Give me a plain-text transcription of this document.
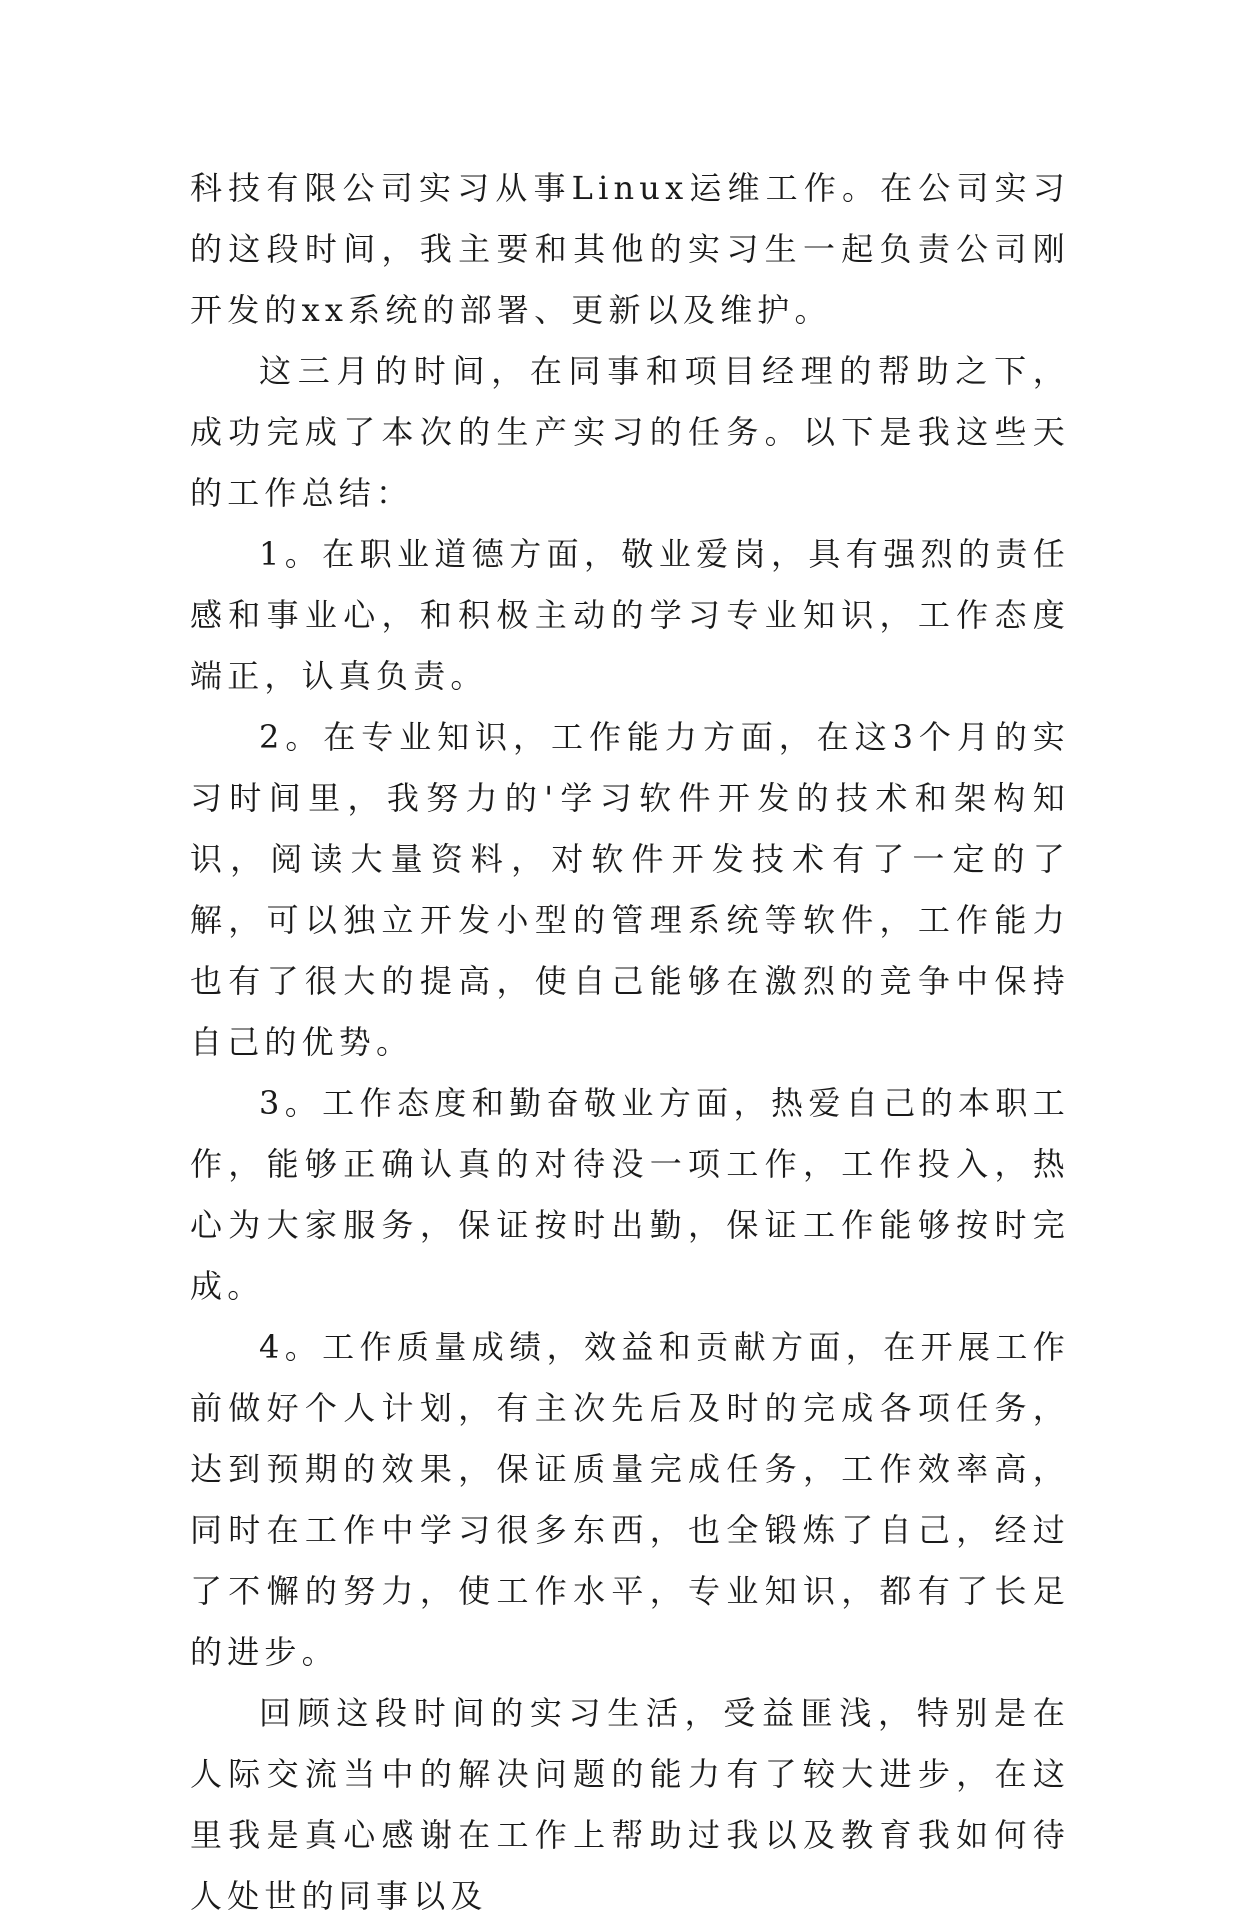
科技有限公司实习从事Linux运维工作。在公司实习的这段时间，我主要和其他的实习生一起负责公司刚开发的xx系统的部署、更新以及维护。

这三月的时间，在同事和项目经理的帮助之下，成功完成了本次的生产实习的任务。以下是我这些天的工作总结：

1。在职业道德方面，敬业爱岗，具有强烈的责任感和事业心，和积极主动的学习专业知识，工作态度端正，认真负责。

2。在专业知识，工作能力方面，在这3个月的实习时间里，我努力的'学习软件开发的技术和架构知识，阅读大量资料，对软件开发技术有了一定的了解，可以独立开发小型的管理系统等软件，工作能力也有了很大的提高，使自己能够在激烈的竞争中保持自己的优势。

3。工作态度和勤奋敬业方面，热爱自己的本职工作，能够正确认真的对待没一项工作，工作投入，热心为大家服务，保证按时出勤，保证工作能够按时完成。

4。工作质量成绩，效益和贡献方面，在开展工作前做好个人计划，有主次先后及时的完成各项任务，达到预期的效果，保证质量完成任务，工作效率高，同时在工作中学习很多东西，也全锻炼了自己，经过了不懈的努力，使工作水平，专业知识，都有了长足的进步。

回顾这段时间的实习生活，受益匪浅，特别是在人际交流当中的解决问题的能力有了较大进步，在这里我是真心感谢在工作上帮助过我以及教育我如何待人处世的同事以及
